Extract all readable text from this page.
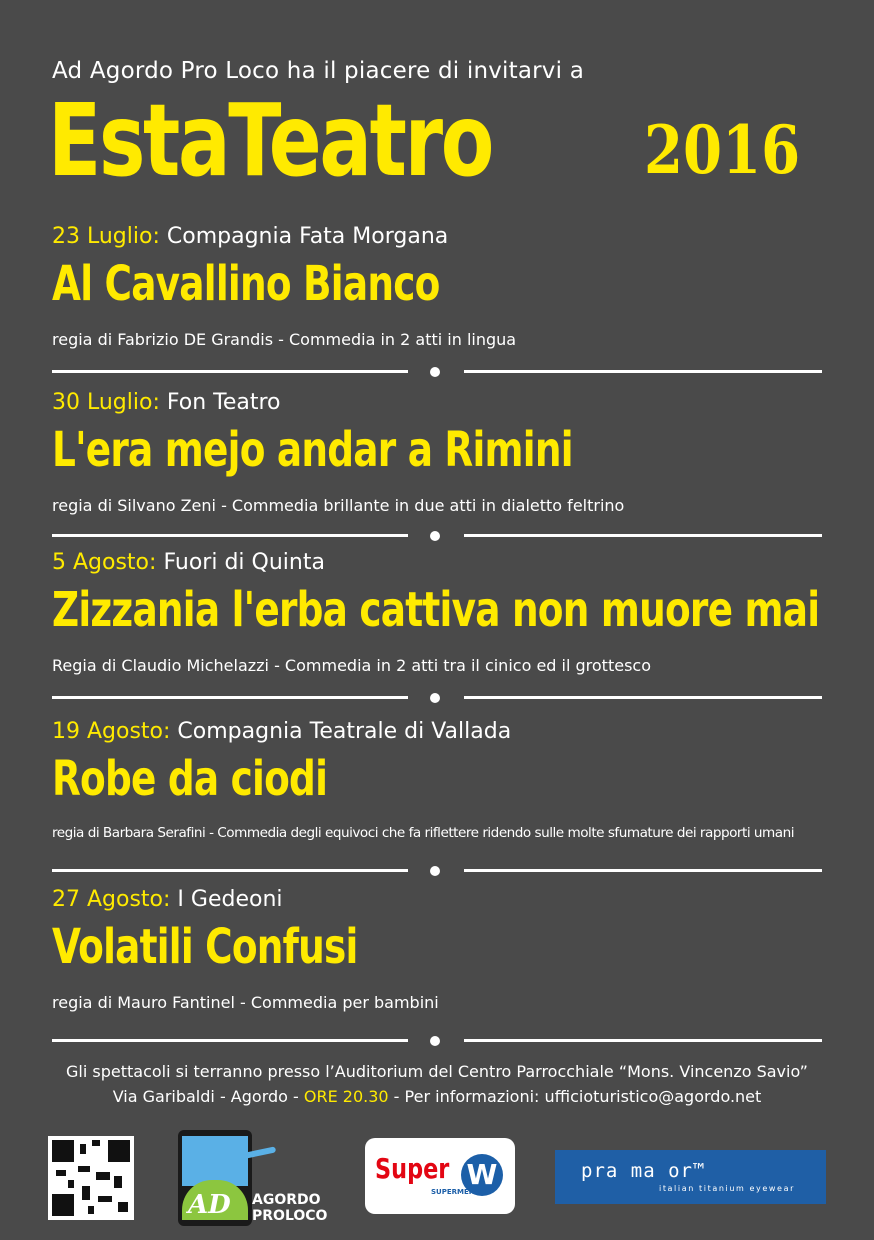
Ad Agordo Pro Loco ha il piacere di invitarvi a
EstaTeatro 2016
23 Luglio: Compagnia Fata Morgana
Al Cavallino Bianco
regia di Fabrizio DE Grandis - Commedia in 2 atti in lingua
30 Luglio: Fon Teatro
L'era mejo andar a Rimini
regia di Silvano Zeni - Commedia brillante in due atti in dialetto feltrino
5 Agosto: Fuori di Quinta
Zizzania l'erba cattiva non muore mai
Regia di Claudio Michelazzi - Commedia in 2 atti tra il cinico ed il grottesco
19 Agosto: Compagnia Teatrale di Vallada
Robe da ciodi
regia di Barbara Serafini - Commedia degli equivoci che fa riflettere ridendo sulle molte sfumature dei rapporti umani
27 Agosto: I Gedeoni
Volatili Confusi
regia di Mauro Fantinel - Commedia per bambini
Gli spettacoli si terranno presso l’Auditorium del Centro Parrocchiale “Mons. Vincenzo Savio”
Via Garibaldi - Agordo - ORE 20.30 - Per informazioni: ufficioturistico@agordo.net
AD AGORDO
PROLOCO
Super W
SUPERMERCATI
pra ma or™
italian titanium eyewear
